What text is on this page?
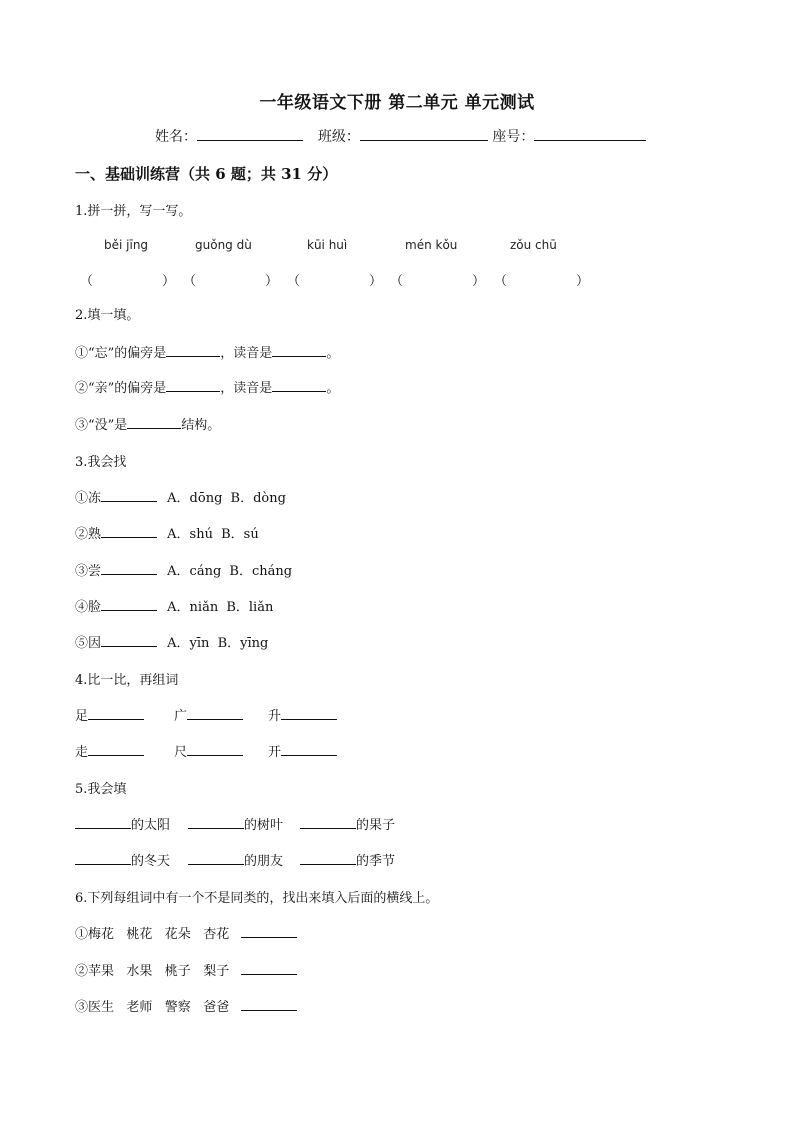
一年级语文下册 第二单元 单元测试
姓名：	班级：	座号：
一、基础训练营（共 6 题；共 31 分）
1.拼一拼，写一写。
běi jīng	guǒng dù	kūi huì	mén kǒu	zǒu chū
（	） （	） （	） （	） （	）
2.填一填。
①“忘”的偏旁是	，读音是	。
②“亲”的偏旁是	，读音是	。
③“没”是	结构。
3.我会找
①冻	A．dōng B．dòng
②熟	A．shú B．sú
③尝	A．cáng B．cháng
④脸	A．niǎn B．liǎn
⑤因	A．yīn B．yīng
4.比一比，再组词
足	广	升
走	尺	开
5.我会填
的太阳	的树叶	的果子
的冬天	的朋友	的季节
6.下列每组词中有一个不是同类的，找出来填入后面的横线上。
①梅花   桃花   花朵   杏花
②苹果   水果   桃子   梨子
③医生   老师   警察   爸爸
